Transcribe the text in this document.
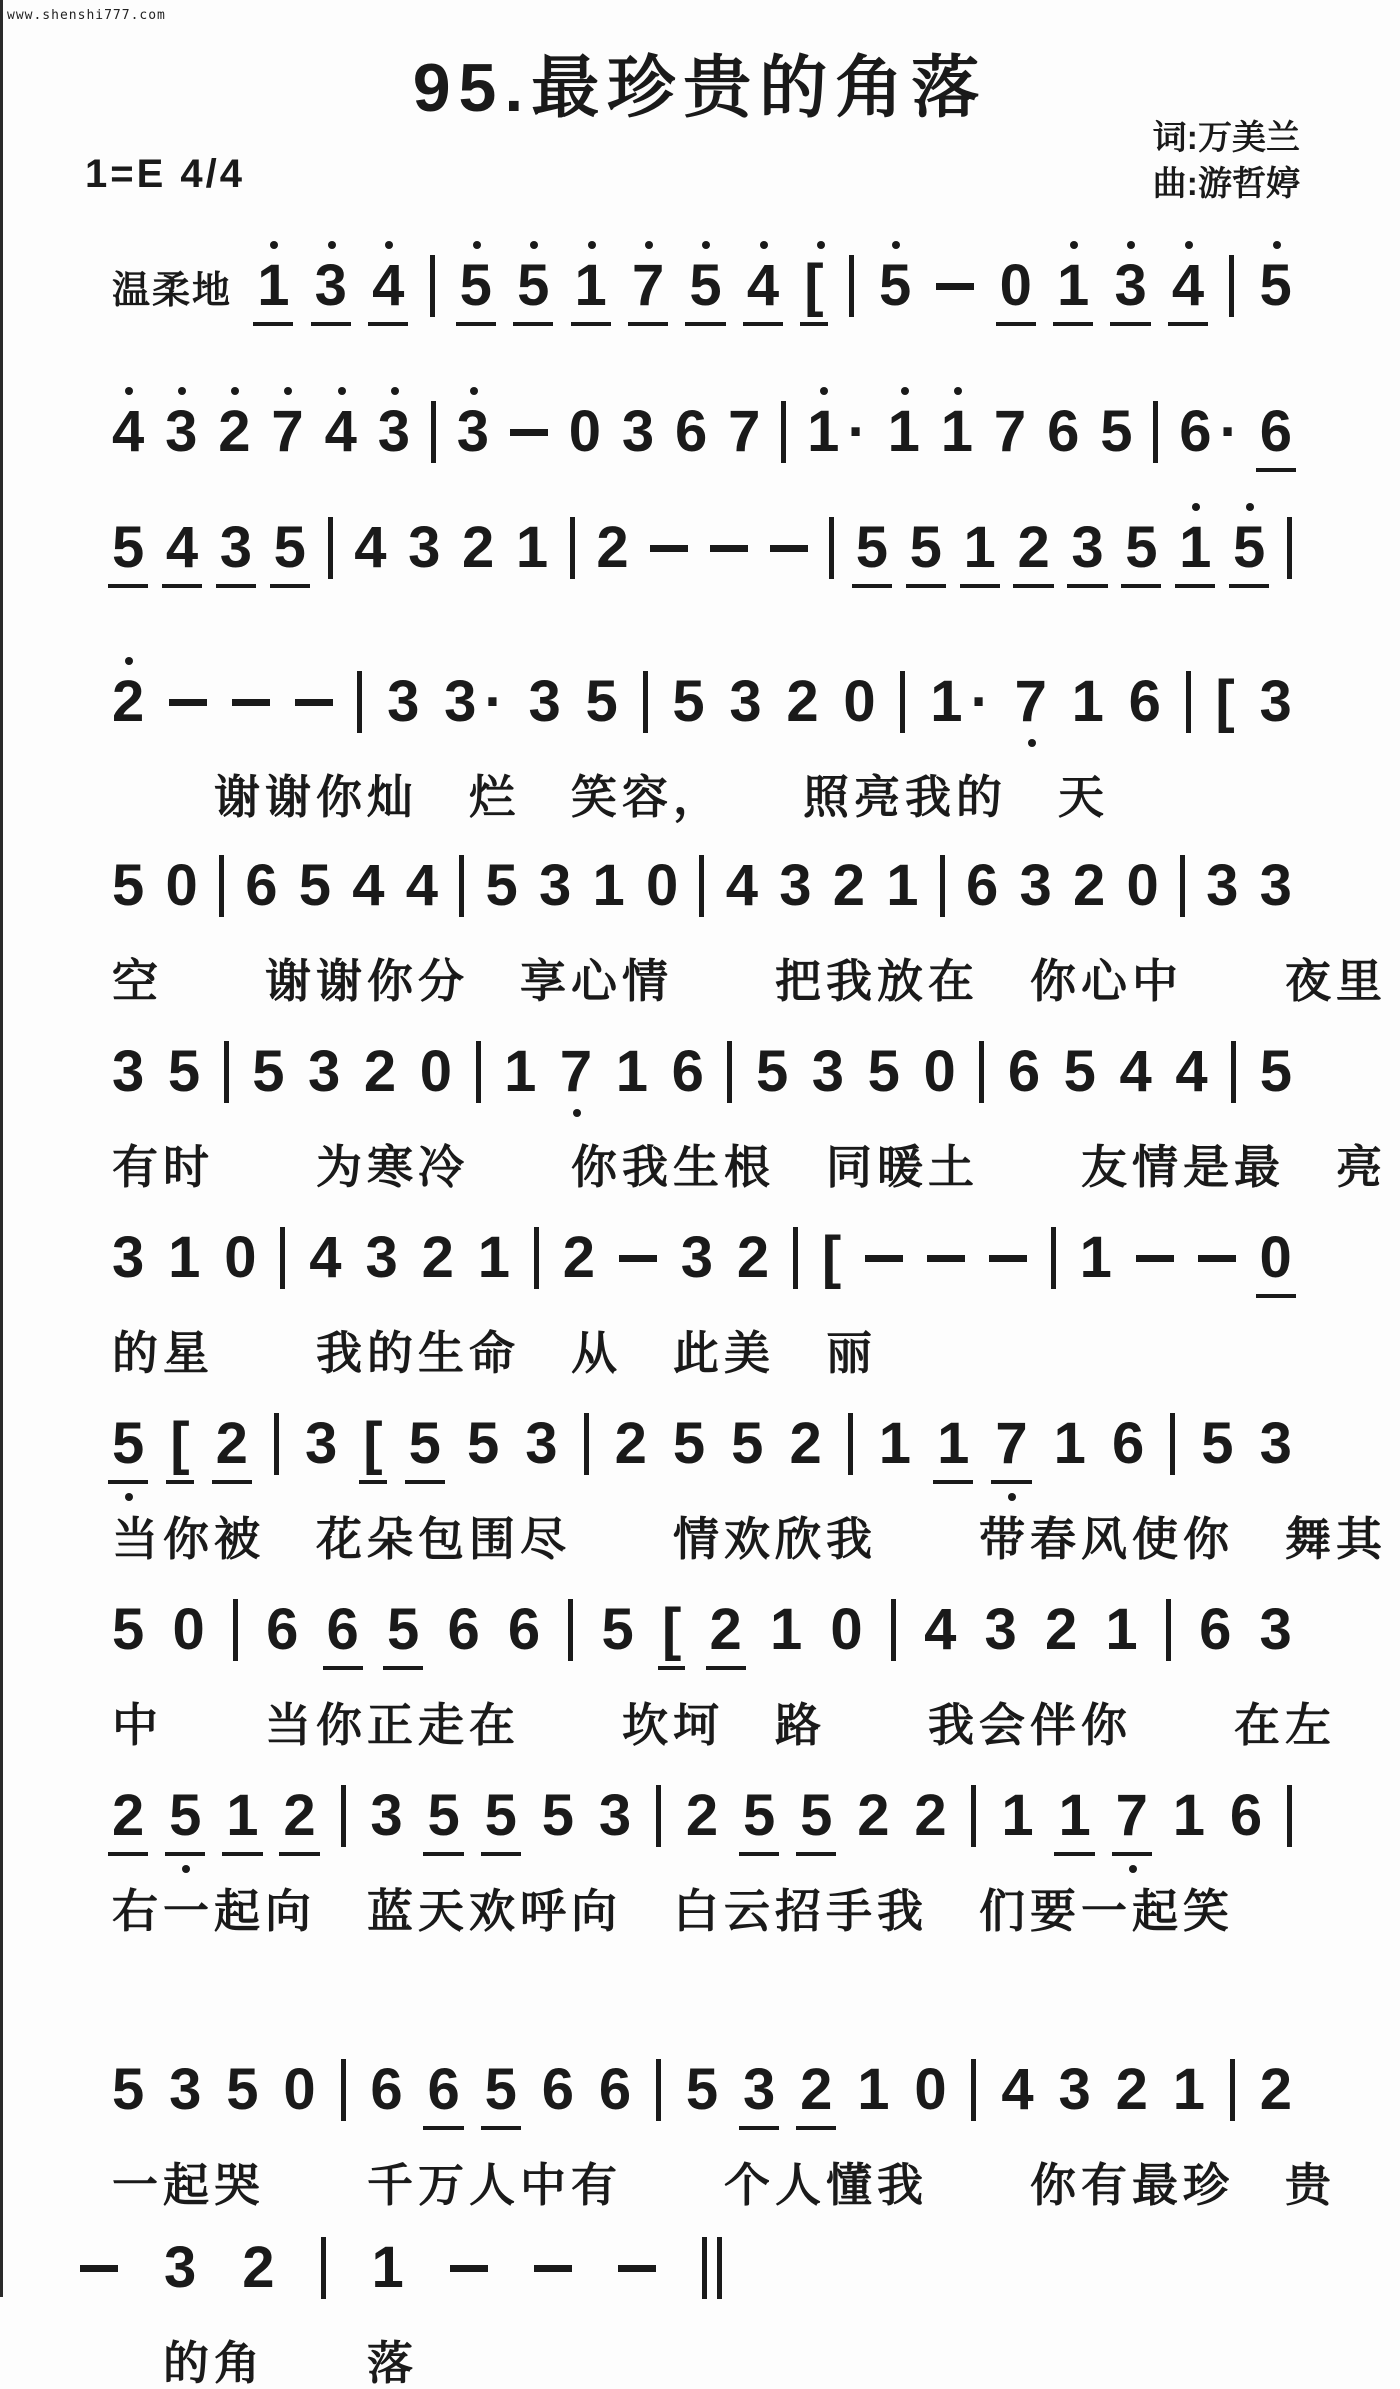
www.shenshi777.com
95.最珍贵的角落
词:万美兰
曲:游哲婷
1=E 4/4
温柔地 1 3 4 5 5 1 7 5 4 [ 5 0 1 3 4 5
4 3 2 7 4 3 3 0 3 6 7 1 · 1 1 7 6 5 6 · 6
5 4 3 5 4 3 2 1 2	5 5 1 2 3 5 1 5
2	3 3 · 3 5 5 3 2 0 1 · 7 1 6 [ 3
　　谢谢你灿　烂　笑容，　　照亮我的　天
5 0 6 5 4 4 5 3 1 0 4 3 2 1 6 3 2 0 3 3
空　　谢谢你分　享心情　　把我放在　你心中　　夜里
3 5 5 3 2 0 1 7 1 6 5 3 5 0 6 5 4 4 5
有时　　为寒冷　　你我生根　同暖土　　友情是最　亮
3 1 0 4 3 2 1 2 3 2 [	1	0
的星　　我的生命　从　此美　丽
5 [ 2 3 [ 5 5 3 2 5 5 2 1 1 7 1 6 5 3
当你被　花朵包围尽　　情欢欣我　　带春风使你　舞其
5 0 6 6 5 6 6 5 [ 2 1 0 4 3 2 1 6 3
中　　当你正走在　　坎坷　路　　我会伴你　　在左
2 5 1 2 3 5 5 5 3 2 5 5 2 2 1 1 7 1 6
右一起向　蓝天欢呼向　白云招手我　们要一起笑
5 3 5 0 6 6 5 6 6 5 3 2 1 0 4 3 2 1 2
一起哭　　千万人中有　　个人懂我　　你有最珍　贵
3 2 1
　的角　　落
